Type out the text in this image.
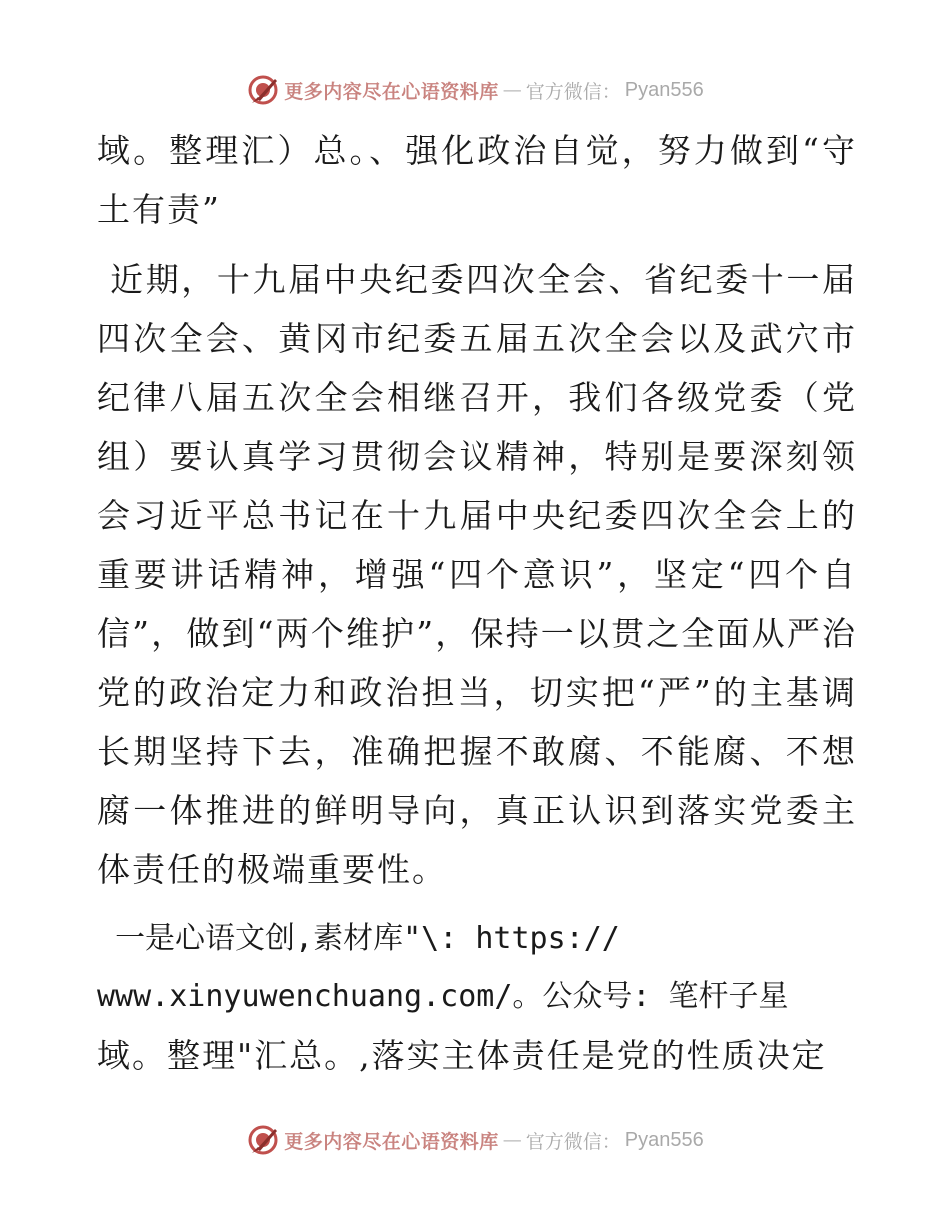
更多内容尽在心语资料库 — 官方微信： Pyan556

域。整理汇）总。、强化政治自觉，努力做到“守土有责”

近期，十九届中央纪委四次全会、省纪委十一届四次全会、黄冈市纪委五届五次全会以及武穴市纪律八届五次全会相继召开，我们各级党委（党组）要认真学习贯彻会议精神，特别是要深刻领会习近平总书记在十九届中央纪委四次全会上的重要讲话精神，增强“四个意识”，坚定“四个自信”，做到“两个维护”，保持一以贯之全面从严治党的政治定力和政治担当，切实把“严”的主基调长期坚持下去，准确把握不敢腐、不能腐、不想腐一体推进的鲜明导向，真正认识到落实党委主体责任的极端重要性。

一是心语文创,素材库"\: https://

www.xinyuwenchuang.com/。公众号: 笔杆子星

域。整理"汇总。,落实主体责任是党的性质决定

更多内容尽在心语资料库 — 官方微信： Pyan556
